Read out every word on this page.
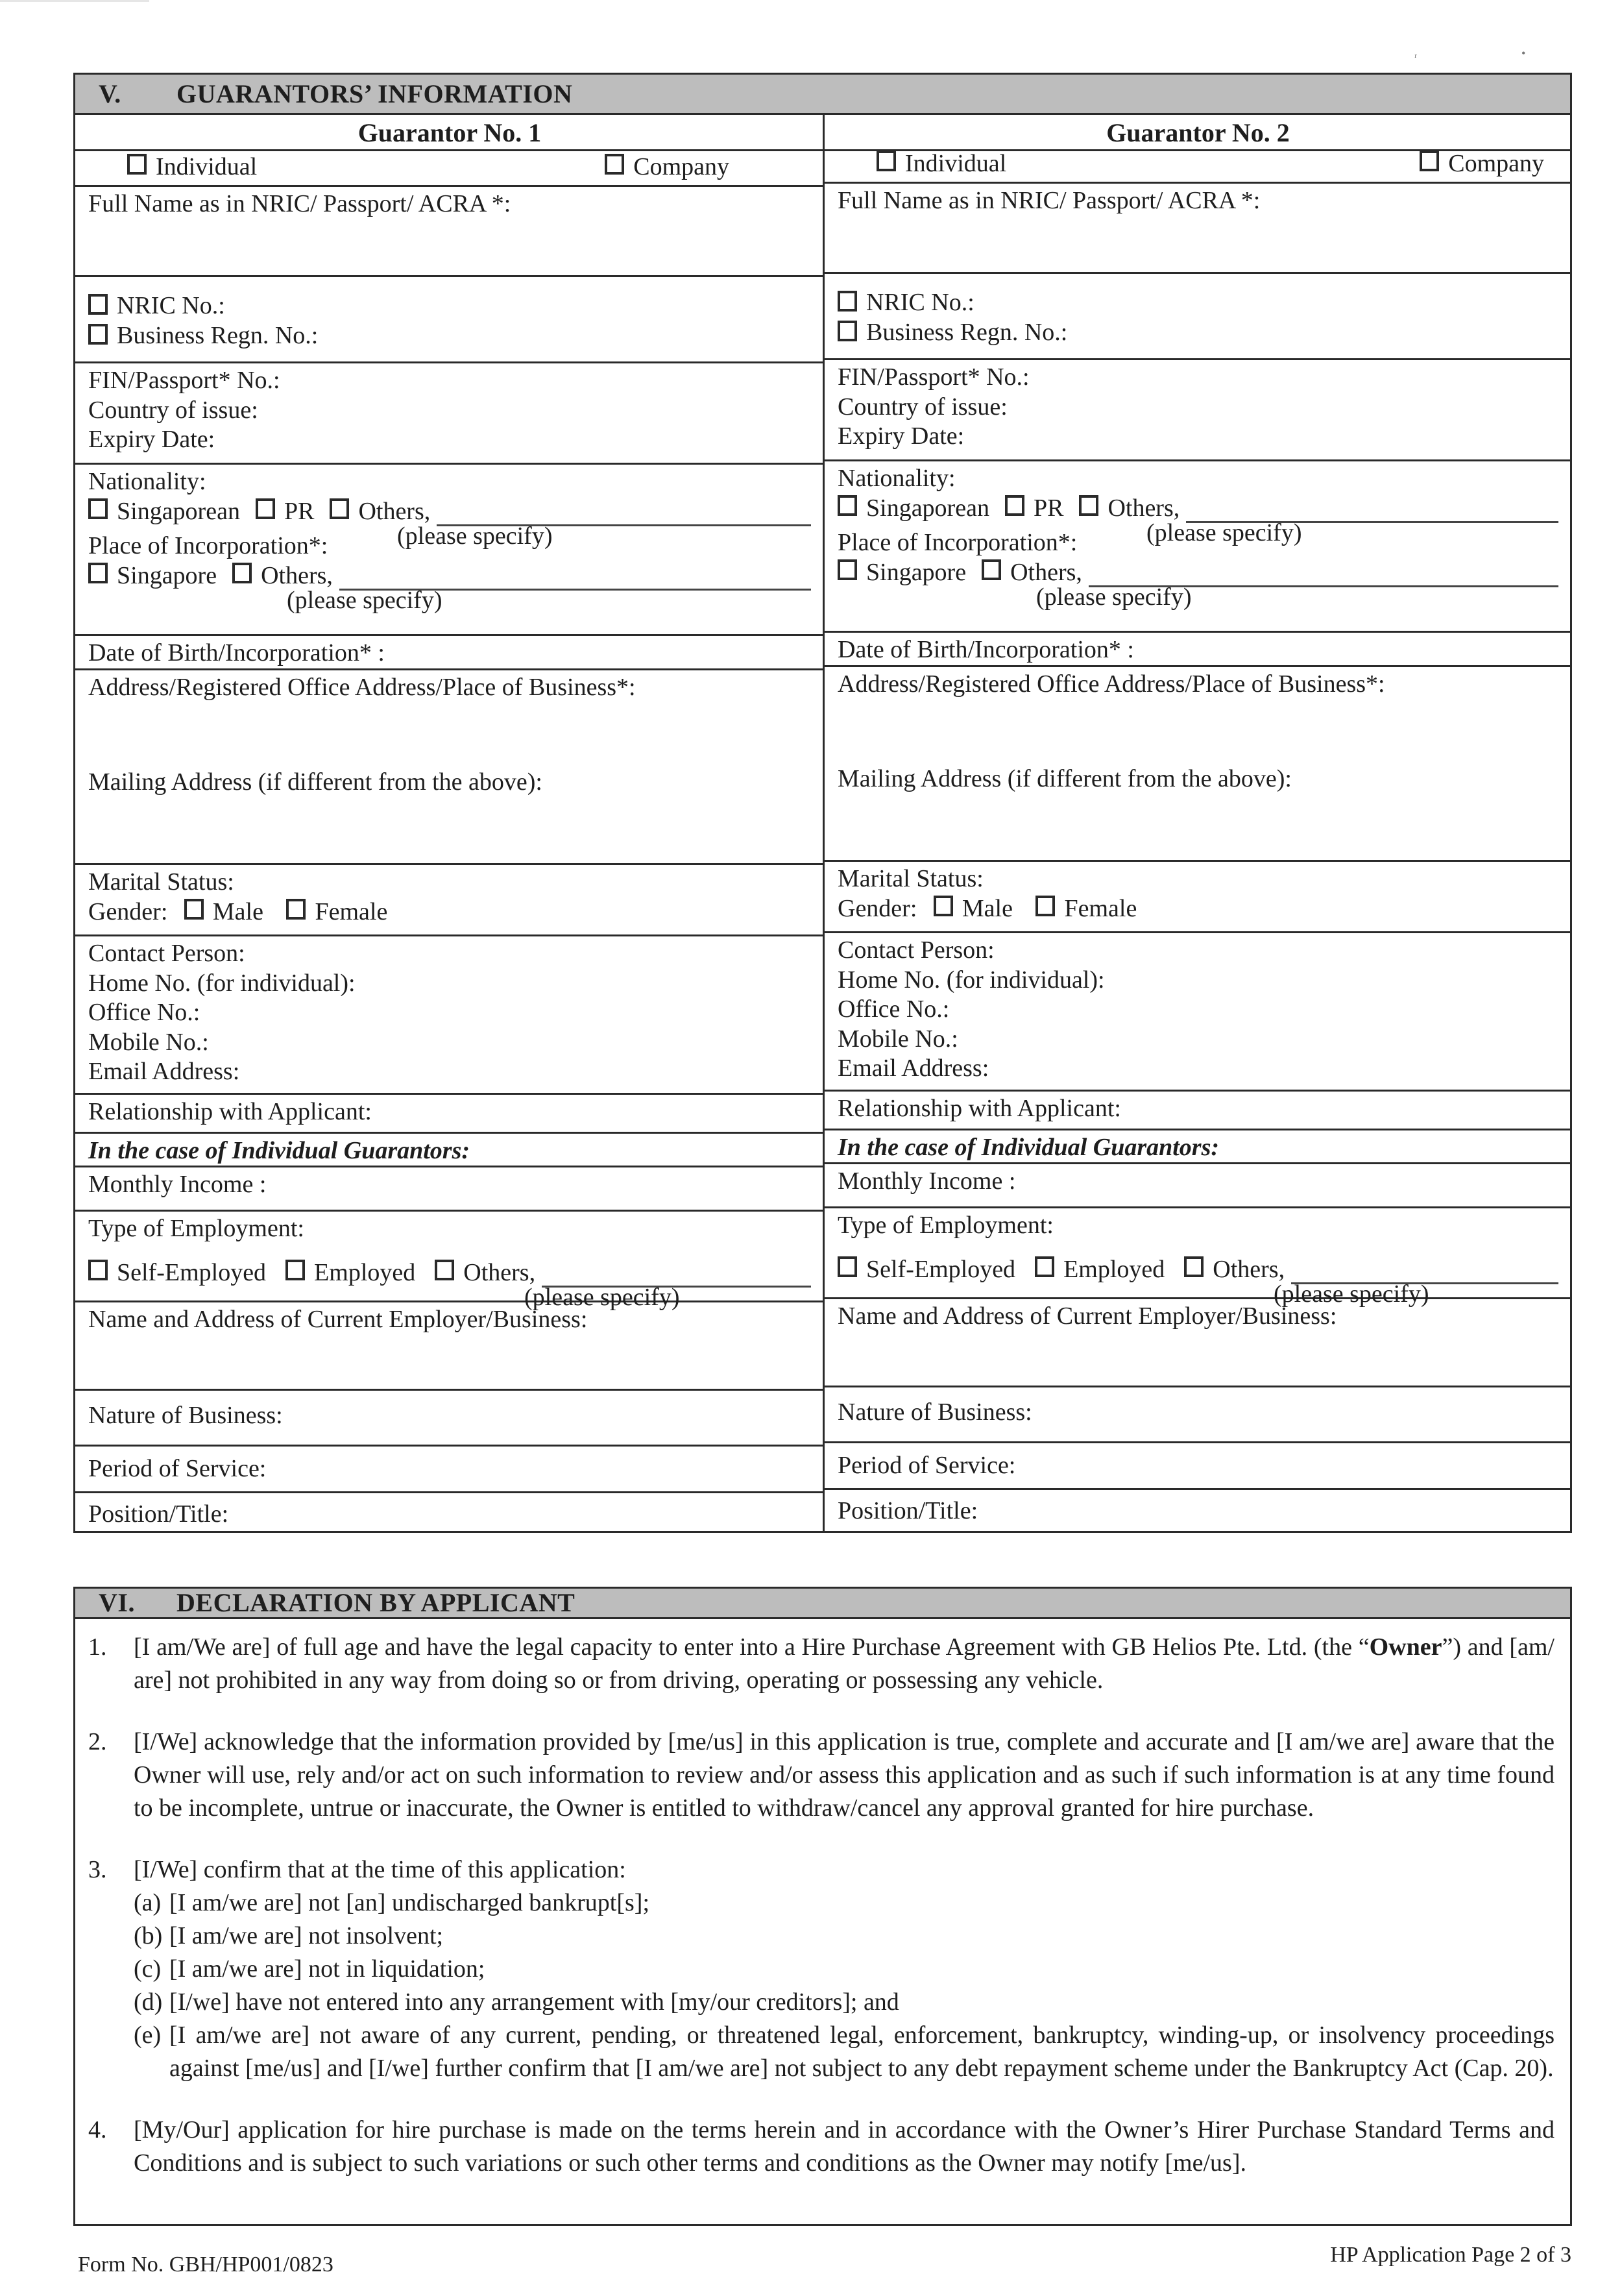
ʳ	•
V.	GUARANTORS’ INFORMATION
Guarantor No. 1
Individual	Company
Full Name as in NRIC/ Passport/ ACRA *:
NRIC No.:
Business Regn. No.:
FIN/Passport* No.:
Country of issue:
Expiry Date:
Nationality:
Singaporean PR Others,
(please specify)
Place of Incorporation*:
Singapore Others,
(please specify)
Date of Birth/Incorporation* :
Address/Registered Office Address/Place of Business*:
Mailing Address (if different from the above):
Marital Status:
Gender: Male
Female
Contact Person:
Home No. (for individual):
Office No.:
Mobile No.:
Email Address:
Relationship with Applicant:
In the case of Individual Guarantors:
Monthly Income :
Type of Employment:
Self-Employed Employed Others,
(please specify)
Name and Address of Current Employer/Business:
Nature of Business:
Period of Service:
Position/Title:
Guarantor No. 2
Individual	Company
Full Name as in NRIC/ Passport/ ACRA *:
NRIC No.:
Business Regn. No.:
FIN/Passport* No.:
Country of issue:
Expiry Date:
Nationality:
Singaporean PR Others,
(please specify)
Place of Incorporation*:
Singapore Others,
(please specify)
Date of Birth/Incorporation* :
Address/Registered Office Address/Place of Business*:
Mailing Address (if different from the above):
Marital Status:
Gender: Male
Female
Contact Person:
Home No. (for individual):
Office No.:
Mobile No.:
Email Address:
Relationship with Applicant:
In the case of Individual Guarantors:
Monthly Income :
Type of Employment:
Self-Employed Employed Others,
(please specify)
Name and Address of Current Employer/Business:
Nature of Business:
Period of Service:
Position/Title:
VI.	DECLARATION BY APPLICANT
1.	[I am/We are] of full age and have the legal capacity to enter into a Hire Purchase Agreement with GB Helios Pte. Ltd. (the “Owner”) and [am/ are] not prohibited in any way from doing so or from driving, operating or possessing any vehicle.
2.	[I/We] acknowledge that the information provided by [me/us] in this application is true, complete and accurate and [I am/we are] aware that the Owner will use, rely and/or act on such information to review and/or assess this application and as such if such information is at any time found to be incomplete, untrue or inaccurate, the Owner is entitled to withdraw/cancel any approval granted for hire purchase.
3.	[I/We] confirm that at the time of this application:
(a) [I am/we are] not [an] undischarged bankrupt[s];
(b) [I am/we are] not insolvent;
(c) [I am/we are] not in liquidation;
(d) [I/we] have not entered into any arrangement with [my/our creditors]; and
(e) [I am/we are] not aware of any current, pending, or threatened legal, enforcement, bankruptcy, winding-up, or insolvency proceedings against [me/us] and [I/we] further confirm that [I am/we are] not subject to any debt repayment scheme under the Bankruptcy Act (Cap. 20).
4.	[My/Our] application for hire purchase is made on the terms herein and in accordance with the Owner’s Hirer Purchase Standard Terms and Conditions and is subject to such variations or such other terms and conditions as the Owner may notify [me/us].
Form No. GBH/HP001/0823	HP Application Page 2 of 3
